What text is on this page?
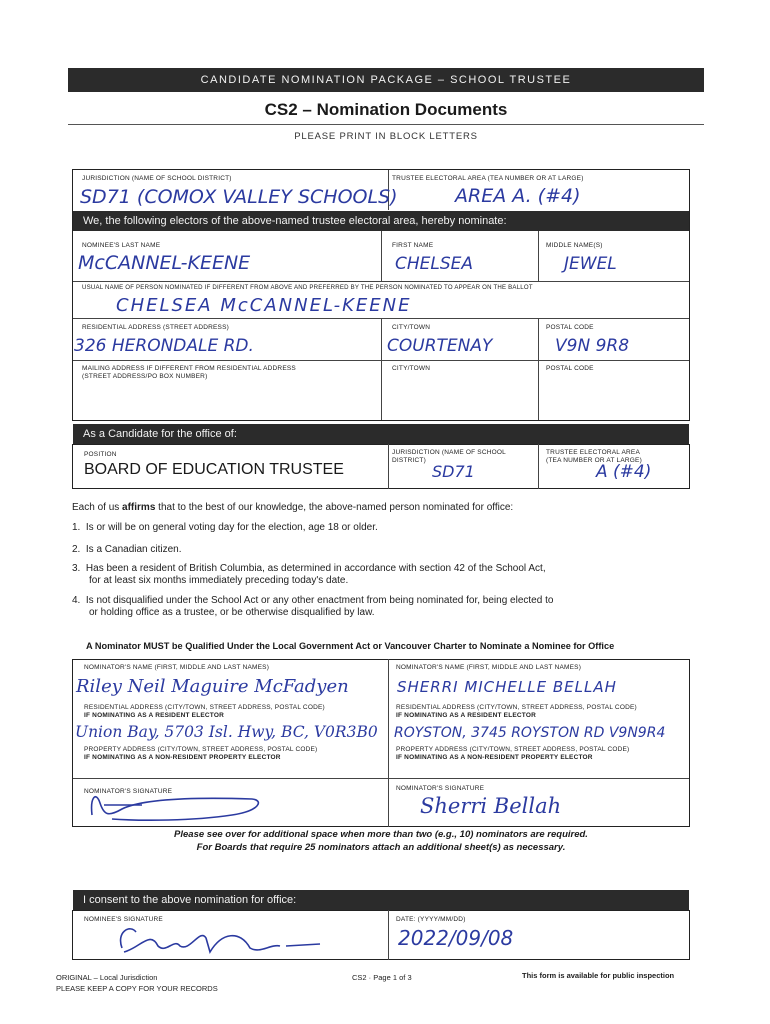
CANDIDATE NOMINATION PACKAGE – SCHOOL TRUSTEE
CS2 – Nomination Documents
PLEASE PRINT IN BLOCK LETTERS
JURISDICTION (NAME OF SCHOOL DISTRICT)
SD71 (COMOX VALLEY SCHOOLS)
TRUSTEE ELECTORAL AREA (TEA NUMBER OR AT LARGE)
AREA A. (#4)
We, the following electors of the above-named trustee electoral area, hereby nominate:
NOMINEE'S LAST NAME
McCANNEL-KEENE
FIRST NAME
CHELSEA
MIDDLE NAME(S)
JEWEL
USUAL NAME OF PERSON NOMINATED IF DIFFERENT FROM ABOVE AND PREFERRED BY THE PERSON NOMINATED TO APPEAR ON THE BALLOT
CHELSEA McCANNEL-KEENE
RESIDENTIAL ADDRESS (STREET ADDRESS)
326 HERONDALE RD.
CITY/TOWN
COURTENAY
POSTAL CODE
V9N 9R8
MAILING ADDRESS IF DIFFERENT FROM RESIDENTIAL ADDRESS
(STREET ADDRESS/PO BOX NUMBER)
CITY/TOWN	POSTAL CODE
As a Candidate for the office of:
POSITION
BOARD OF EDUCATION TRUSTEE
JURISDICTION (NAME OF SCHOOL
DISTRICT)
SD71
TRUSTEE ELECTORAL AREA
(TEA NUMBER OR AT LARGE)
A (#4)
Each of us affirms that to the best of our knowledge, the above-named person nominated for office:
1. Is or will be on general voting day for the election, age 18 or older.
2. Is a Canadian citizen.
3. Has been a resident of British Columbia, as determined in accordance with section 42 of the School Act,
for at least six months immediately preceding today's date.
4. Is not disqualified under the School Act or any other enactment from being nominated for, being elected to
or holding office as a trustee, or be otherwise disqualified by law.
A Nominator MUST be Qualified Under the Local Government Act or Vancouver Charter to Nominate a Nominee for Office
NOMINATOR'S NAME (FIRST, MIDDLE AND LAST NAMES)
Riley Neil Maguire McFadyen
RESIDENTIAL ADDRESS (CITY/TOWN, STREET ADDRESS, POSTAL CODE)
IF NOMINATING AS A RESIDENT ELECTOR
Union Bay, 5703 Isl. Hwy, BC, V0R3B0
PROPERTY ADDRESS (CITY/TOWN, STREET ADDRESS, POSTAL CODE)
IF NOMINATING AS A NON-RESIDENT PROPERTY ELECTOR
NOMINATOR'S SIGNATURE
NOMINATOR'S NAME (FIRST, MIDDLE AND LAST NAMES)
SHERRI MICHELLE BELLAH
RESIDENTIAL ADDRESS (CITY/TOWN, STREET ADDRESS, POSTAL CODE)
IF NOMINATING AS A RESIDENT ELECTOR
ROYSTON, 3745 ROYSTON RD V9N9R4
PROPERTY ADDRESS (CITY/TOWN, STREET ADDRESS, POSTAL CODE)
IF NOMINATING AS A NON-RESIDENT PROPERTY ELECTOR
NOMINATOR'S SIGNATURE
Sherri Bellah
Please see over for additional space when more than two (e.g., 10) nominators are required.
For Boards that require 25 nominators attach an additional sheet(s) as necessary.
I consent to the above nomination for office:
NOMINEE'S SIGNATURE	DATE: (YYYY/MM/DD)
2022/09/08
ORIGINAL – Local Jurisdiction
PLEASE KEEP A COPY FOR YOUR RECORDS
CS2 · Page 1 of 3	This form is available for public inspection
